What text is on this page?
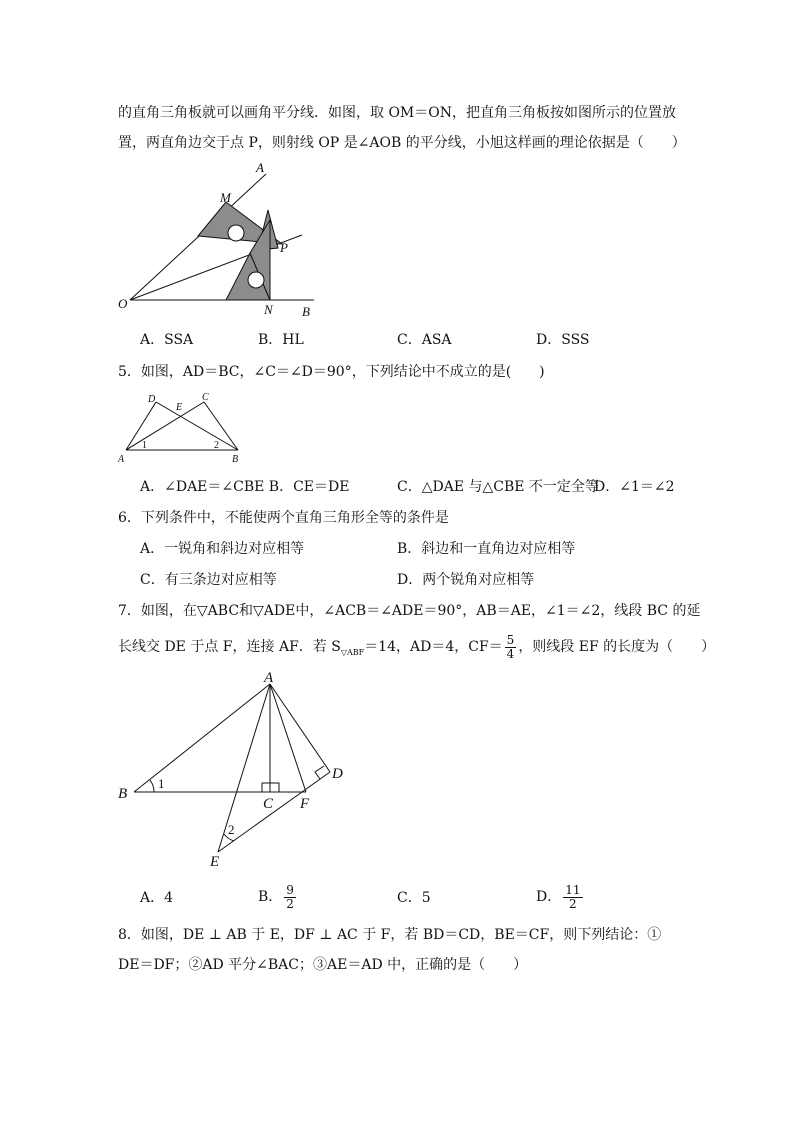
的直角三角板就可以画角平分线．如图，取 OM＝ON，把直角三角板按如图所示的位置放
置，两直角边交于点 P，则射线 OP 是∠AOB 的平分线，小旭这样画的理论依据是（　　）
A
M
P
O	N B
A．SSA	B．HL	C．ASA	D．SSS
5．如图，AD＝BC，∠C＝∠D＝90°，下列结论中不成立的是(　　)
D
E
C
A	B
1	2
A．∠DAE＝∠CBE B．CE＝DE	C．△DAE 与△CBE 不一定全等
D．∠1＝∠2
6．下列条件中，不能使两个直角三角形全等的条件是
A．一锐角和斜边对应相等	B．斜边和一直角边对应相等
C．有三条边对应相等	D．两个锐角对应相等
7．如图，在▽ABC和▽ADE中，∠ACB＝∠ADE＝90°，AB＝AE，∠1＝∠2，线段 BC 的延
长线交 DE 于点 F，连接 AF．若 $S_{▽ABF}=14$，AD＝4，$CF= \frac{5}{4}$ ，则线段 EF 的长度为（　　）
A
B
C
D
E
F
1
2
A．4	B． $\frac{9}{2}$	C．5	D． $\frac{11}{2}$
8．如图，DE ⊥ AB 于 E，DF ⊥ AC 于 F，若 BD＝CD，BE＝CF，则下列结论：①
DE＝DF；②AD 平分∠BAC；③AE＝AD 中，正确的是（　　）
